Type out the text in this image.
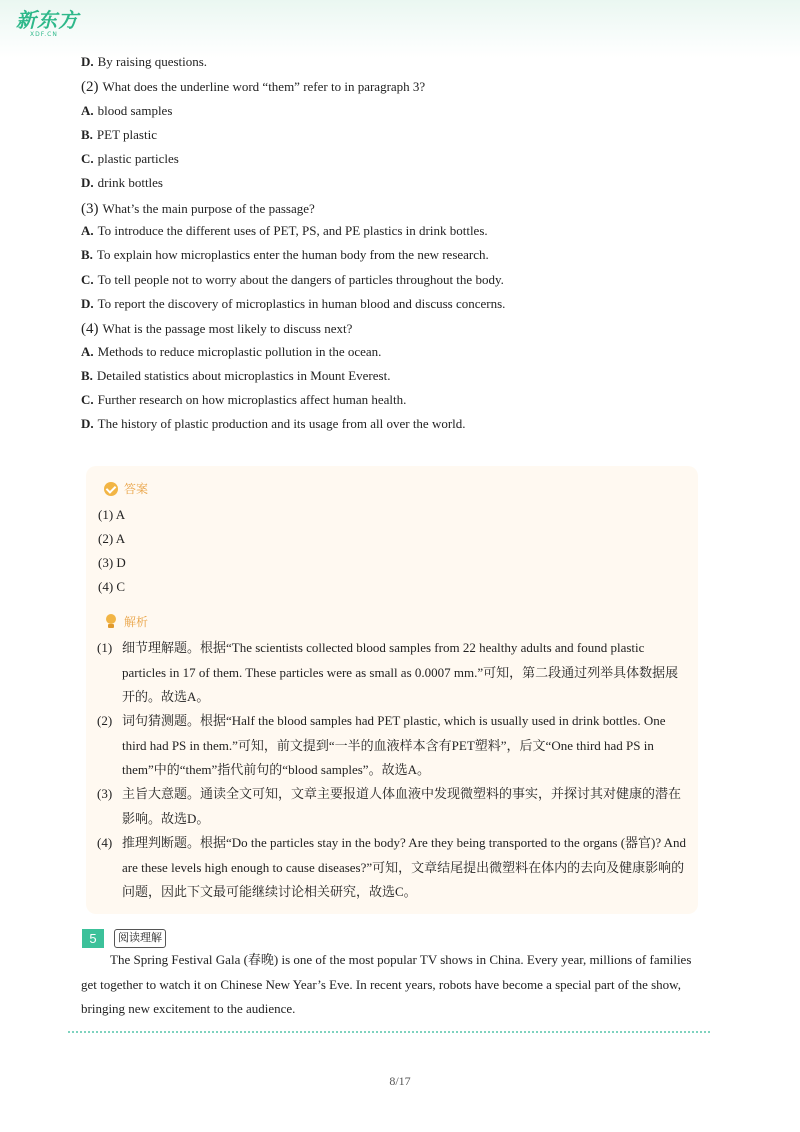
新东方
XDF.CN
D. By raising questions.
(2) What does the underline word “them” refer to in paragraph 3?
A. blood samples
B. PET plastic
C. plastic particles
D. drink bottles
(3) What’s the main purpose of the passage?
A. To introduce the different uses of PET, PS, and PE plastics in drink bottles.
B. To explain how microplastics enter the human body from the new research.
C. To tell people not to worry about the dangers of particles throughout the body.
D. To report the discovery of microplastics in human blood and discuss concerns.
(4) What is the passage most likely to discuss next?
A. Methods to reduce microplastic pollution in the ocean.
B. Detailed statistics about microplastics in Mount Everest.
C. Further research on how microplastics affect human health.
D. The history of plastic production and its usage from all over the world.
答案
(1) A
(2) A
(3) D
(4) C
解析
(1) 细节理解题。根据“The scientists collected blood samples from 22 healthy adults and found plastic particles in 17 of them. These particles were as small as 0.0007 mm.”可知，第二段通过列举具体数据展开的。故选A。
(2) 词句猜测题。根据“Half the blood samples had PET plastic, which is usually used in drink bottles. One third had PS in them.”可知，前文提到“一半的血液样本含有PET塑料”，后文“One third had PS in them”中的“them”指代前句的“blood samples”。故选A。
(3) 主旨大意题。通读全文可知，文章主要报道人体血液中发现微塑料的事实，并探讨其对健康的潜在影响。故选D。
(4) 推理判断题。根据“Do the particles stay in the body? Are they being transported to the organs (器官)? And are these levels high enough to cause diseases?”可知，文章结尾提出微塑料在体内的去向及健康影响的问题，因此下文最可能继续讨论相关研究，故选C。
5	阅读理解
The Spring Festival Gala (春晚) is one of the most popular TV shows in China. Every year, millions of families get together to watch it on Chinese New Year’s Eve. In recent years, robots have become a special part of the show, bringing new excitement to the audience.
8/17
